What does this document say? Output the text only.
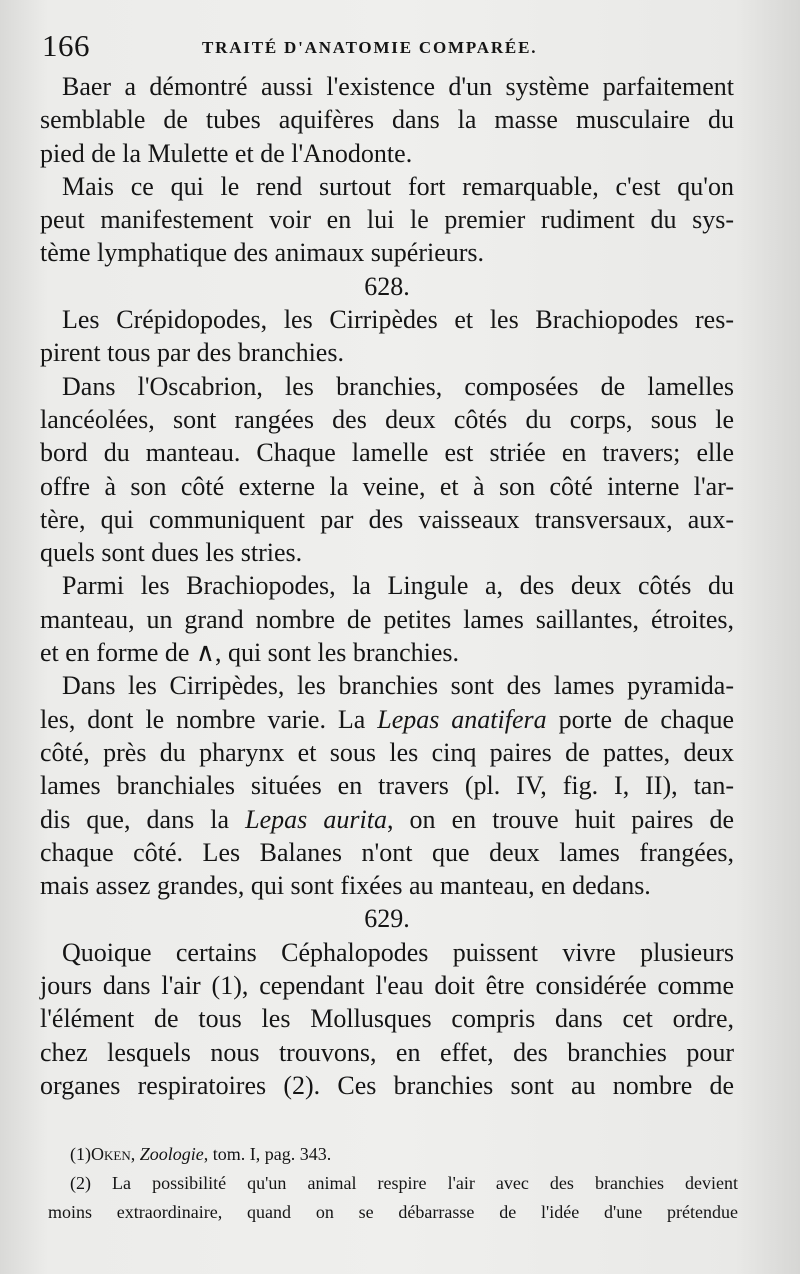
166	TRAITÉ D'ANATOMIE COMPARÉE.
Baer a démontré aussi l'existence d'un système parfaitement
semblable de tubes aquifères dans la masse musculaire du
pied de la Mulette et de l'Anodonte.
Mais ce qui le rend surtout fort remarquable, c'est qu'on
peut manifestement voir en lui le premier rudiment du sys-
tème lymphatique des animaux supérieurs.
628.
Les Crépidopodes, les Cirripèdes et les Brachiopodes res-
pirent tous par des branchies.
Dans l'Oscabrion, les branchies, composées de lamelles
lancéolées, sont rangées des deux côtés du corps, sous le
bord du manteau. Chaque lamelle est striée en travers; elle
offre à son côté externe la veine, et à son côté interne l'ar-
tère, qui communiquent par des vaisseaux transversaux, aux-
quels sont dues les stries.
Parmi les Brachiopodes, la Lingule a, des deux côtés du
manteau, un grand nombre de petites lames saillantes, étroites,
et en forme de ∧, qui sont les branchies.
Dans les Cirripèdes, les branchies sont des lames pyramida-
les, dont le nombre varie. La Lepas anatifera porte de chaque
côté, près du pharynx et sous les cinq paires de pattes, deux
lames branchiales situées en travers (pl. IV, fig. I, II), tan-
dis que, dans la Lepas aurita, on en trouve huit paires de
chaque côté. Les Balanes n'ont que deux lames frangées,
mais assez grandes, qui sont fixées au manteau, en dedans.
629.
Quoique certains Céphalopodes puissent vivre plusieurs
jours dans l'air (1), cependant l'eau doit être considérée comme
l'élément de tous les Mollusques compris dans cet ordre,
chez lesquels nous trouvons, en effet, des branchies pour
organes respiratoires (2). Ces branchies sont au nombre de
(1)Oken, Zoologie, tom. I, pag. 343.
(2) La possibilité qu'un animal respire l'air avec des branchies devient
moins extraordinaire, quand on se débarrasse de l'idée d'une prétendue
